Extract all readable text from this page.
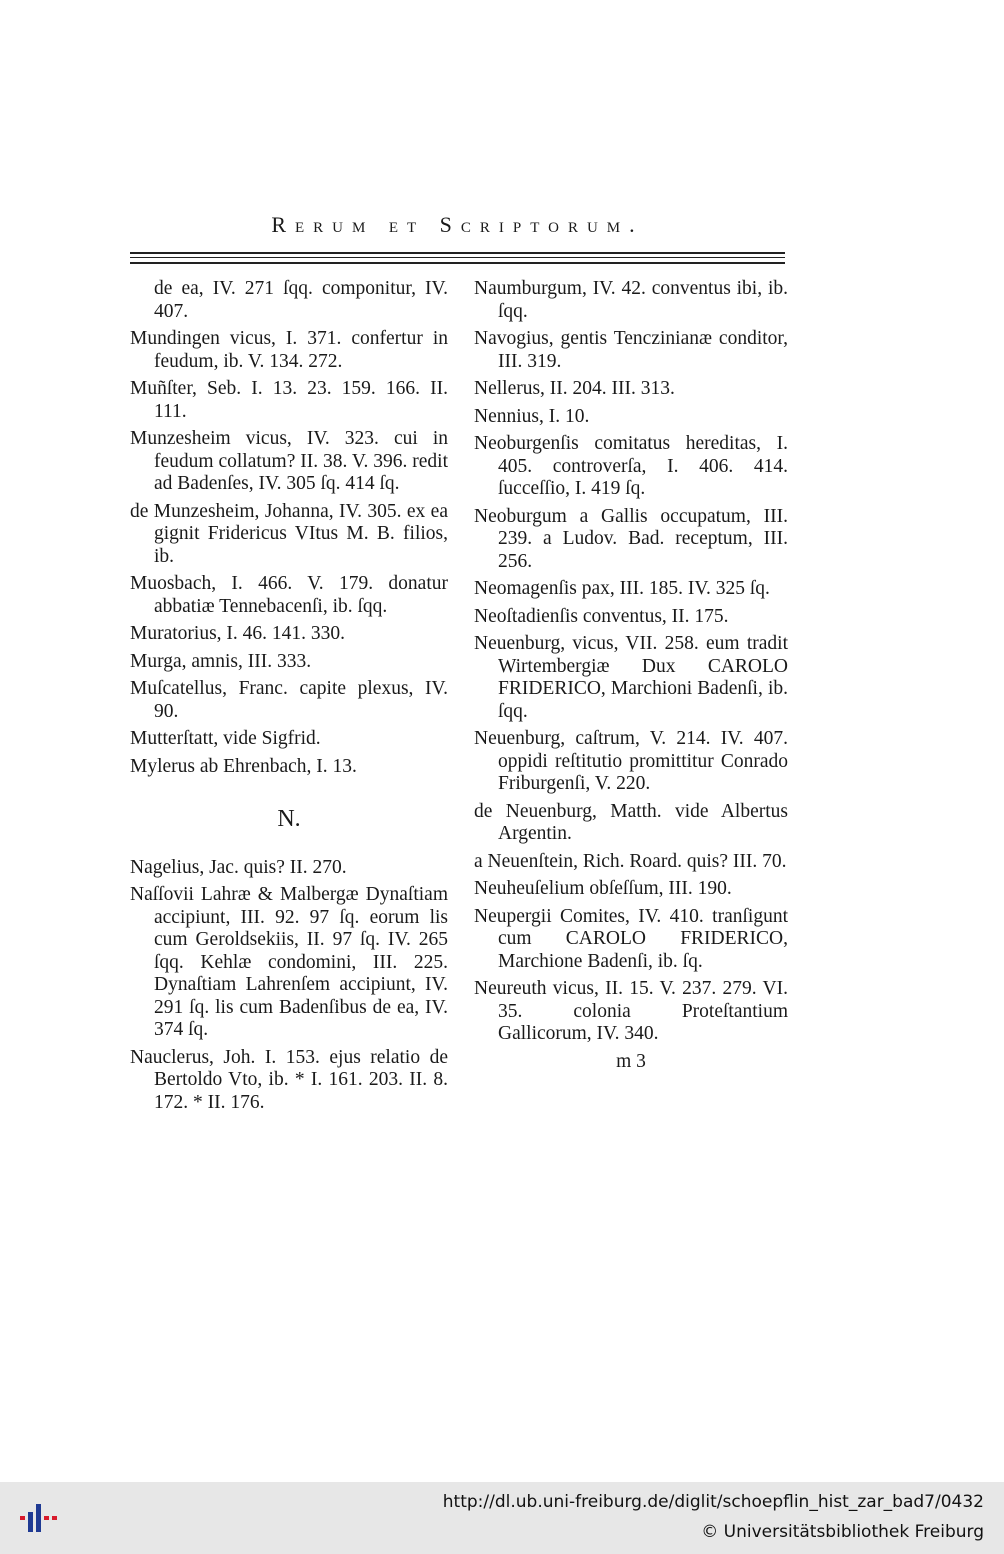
Rerum et Scriptorum.
de ea, IV. 271 ſqq. componitur, IV. 407.
Mundingen vicus, I. 371. confertur in feudum, ib. V. 134. 272.
Muñſter, Seb. I. 13. 23. 159. 166. II. 111.
Munzesheim vicus, IV. 323. cui in feudum collatum? II. 38. V. 396. redit ad Badenſes, IV. 305 ſq. 414 ſq.
de Munzesheim, Johanna, IV. 305. ex ea gignit Fridericus VItus M. B. filios, ib.
Muosbach, I. 466. V. 179. donatur abbatiæ Tennebacenſi, ib. ſqq.
Muratorius, I. 46. 141. 330.
Murga, amnis, III. 333.
Muſcatellus, Franc. capite plexus, IV. 90.
Mutterſtatt, vide Sigfrid.
Mylerus ab Ehrenbach, I. 13.
N.
Nagelius, Jac. quis? II. 270.
Naſſovii Lahræ & Malbergæ Dynaſtiam accipiunt, III. 92. 97 ſq. eorum lis cum Geroldsekiis, II. 97 ſq. IV. 265 ſqq. Kehlæ condomini, III. 225. Dynaſtiam Lahrenſem accipiunt, IV. 291 ſq. lis cum Badenſibus de ea, IV. 374 ſq.
Nauclerus, Joh. I. 153. ejus relatio de Bertoldo Vto, ib. * I. 161. 203. II. 8. 172. * II. 176.
Naumburgum, IV. 42. conventus ibi, ib. ſqq.
Navogius, gentis Tenczinianæ conditor, III. 319.
Nellerus, II. 204. III. 313.
Nennius, I. 10.
Neoburgenſis comitatus hereditas, I. 405. controverſa, I. 406. 414. ſucceſſio, I. 419 ſq.
Neoburgum a Gallis occupatum, III. 239. a Ludov. Bad. receptum, III. 256.
Neomagenſis pax, III. 185. IV. 325 ſq.
Neoſtadienſis conventus, II. 175.
Neuenburg, vicus, VII. 258. eum tradit Wirtembergiæ Dux CAROLO FRIDERICO, Marchioni Badenſi, ib. ſqq.
Neuenburg, caſtrum, V. 214. IV. 407. oppidi reſtitutio promittitur Conrado Friburgenſi, V. 220.
de Neuenburg, Matth. vide Albertus Argentin.
a Neuenſtein, Rich. Roard. quis? III. 70.
Neuheuſelium obſeſſum, III. 190.
Neupergii Comites, IV. 410. tranſigunt cum CAROLO FRIDERICO, Marchione Badenſi, ib. ſq.
Neureuth vicus, II. 15. V. 237. 279. VI. 35. colonia Proteſtantium Gallicorum, IV. 340.
m 3
http://dl.ub.uni-freiburg.de/diglit/schoepflin_hist_zar_bad7/0432
© Universitätsbibliothek Freiburg
